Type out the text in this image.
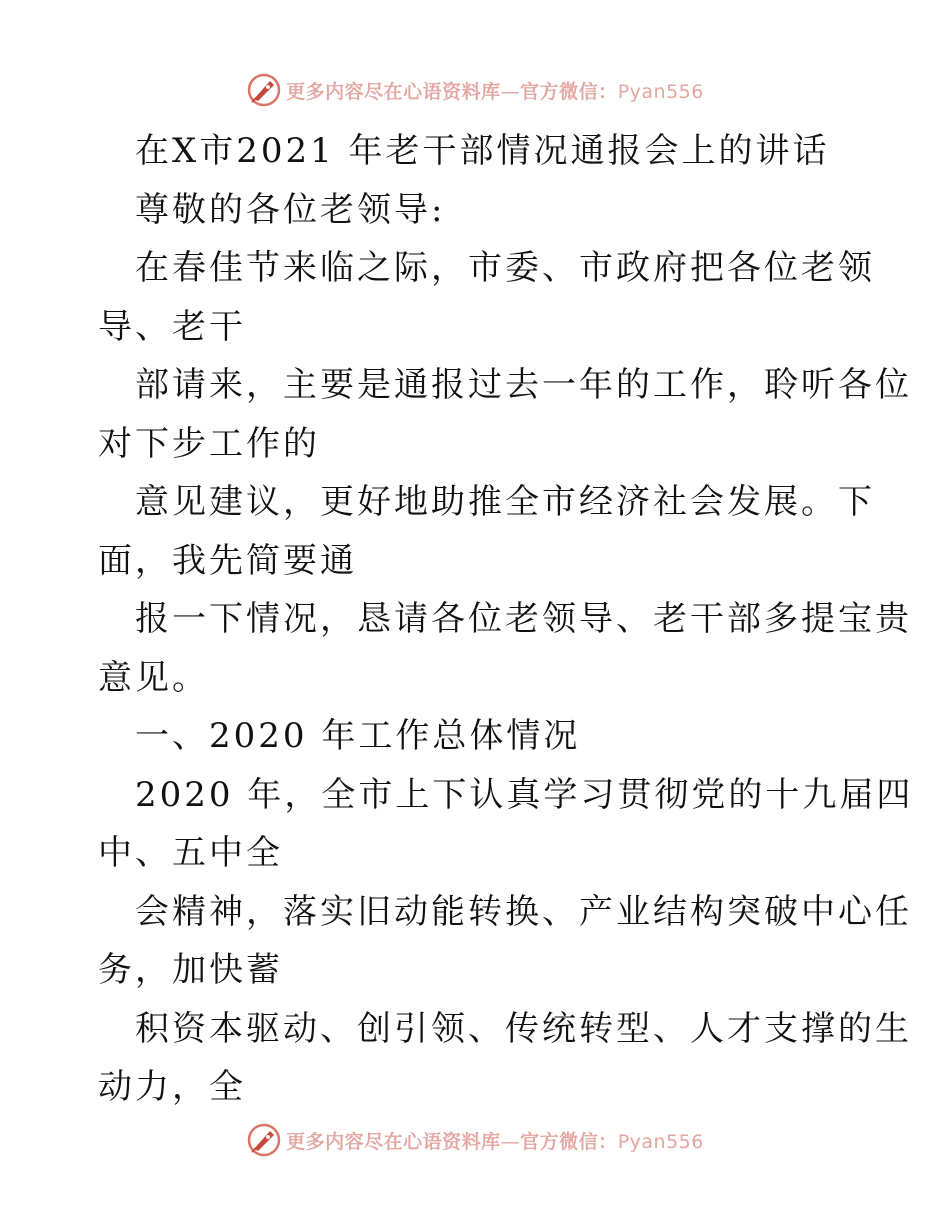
更多内容尽在心语资料库—官方微信：Pyan556
在X市2021 年老干部情况通报会上的讲话
尊敬的各位老领导:
在春佳节来临之际，市委、市政府把各位老领
导、老干
部请来，主要是通报过去一年的工作，聆听各位
对下步工作的
意见建议，更好地助推全市经济社会发展。下
面，我先简要通
报一下情况，恳请各位老领导、老干部多提宝贵
意见。
一、2020 年工作总体情况
2020 年，全市上下认真学习贯彻党的十九届四
中、五中全
会精神，落实旧动能转换、产业结构突破中心任
务，加快蓄
积资本驱动、创引领、传统转型、人才支撑的生
动力，全
更多内容尽在心语资料库—官方微信：Pyan556
